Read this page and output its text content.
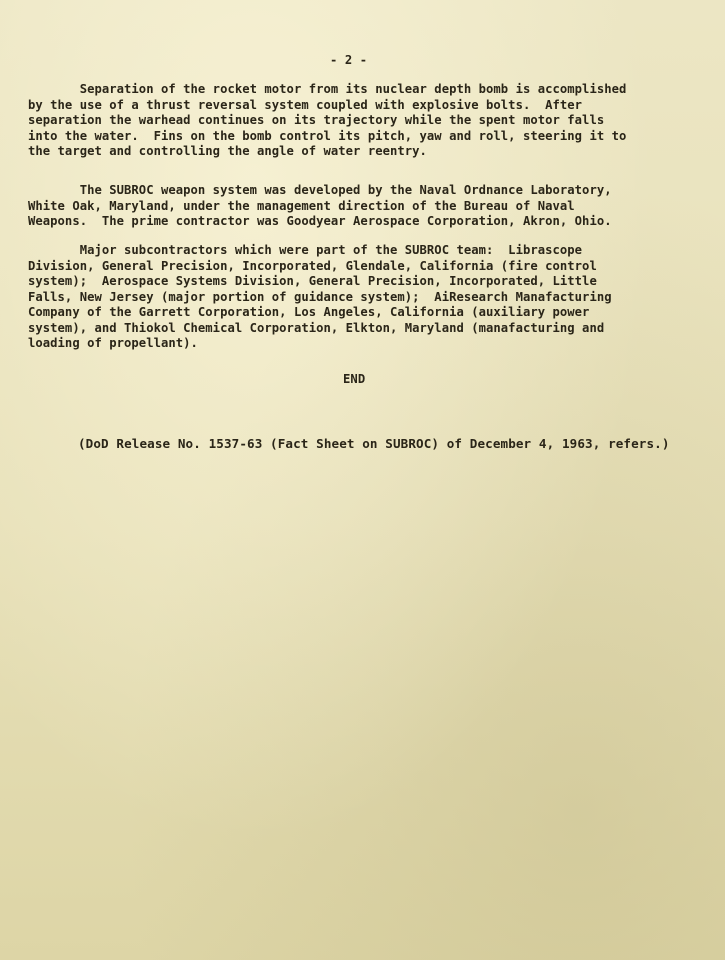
- 2 -
Separation of the rocket motor from its nuclear depth bomb is accomplished
by the use of a thrust reversal system coupled with explosive bolts.  After
separation the warhead continues on its trajectory while the spent motor falls
into the water.  Fins on the bomb control its pitch, yaw and roll, steering it to
the target and controlling the angle of water reentry.
The SUBROC weapon system was developed by the Naval Ordnance Laboratory,
White Oak, Maryland, under the management direction of the Bureau of Naval
Weapons.  The prime contractor was Goodyear Aerospace Corporation, Akron, Ohio.
Major subcontractors which were part of the SUBROC team:  Librascope
Division, General Precision, Incorporated, Glendale, California (fire control
system);  Aerospace Systems Division, General Precision, Incorporated, Little
Falls, New Jersey (major portion of guidance system);  AiResearch Manafacturing
Company of the Garrett Corporation, Los Angeles, California (auxiliary power
system), and Thiokol Chemical Corporation, Elkton, Maryland (manafacturing and
loading of propellant).
END
(DoD Release No. 1537-63 (Fact Sheet on SUBROC) of December 4, 1963, refers.)
